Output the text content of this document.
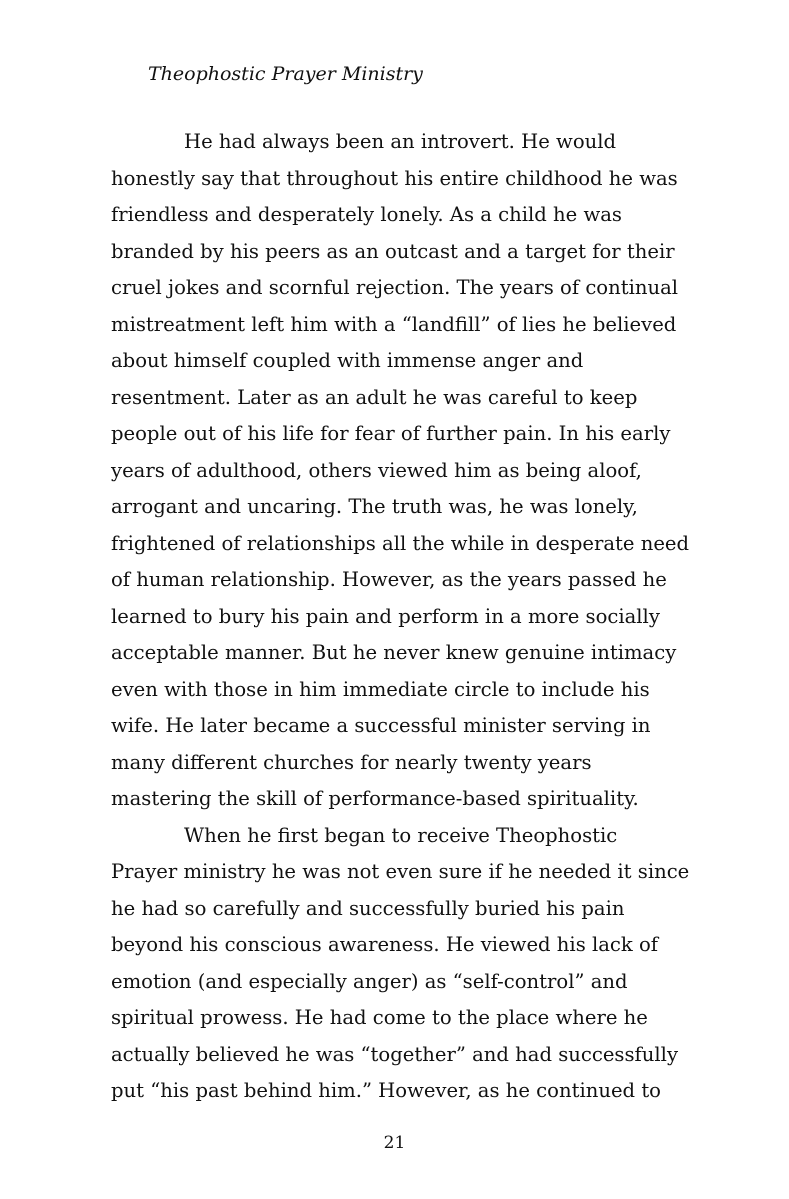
Theophostic Prayer Ministry

He had always been an introvert. He would
honestly say that throughout his entire childhood he was
friendless and desperately lonely. As a child he was
branded by his peers as an outcast and a target for their
cruel jokes and scornful rejection. The years of continual
mistreatment left him with a “landfill” of lies he believed
about himself coupled with immense anger and
resentment. Later as an adult he was careful to keep
people out of his life for fear of further pain. In his early
years of adulthood, others viewed him as being aloof,
arrogant and uncaring. The truth was, he was lonely,
frightened of relationships all the while in desperate need
of human relationship. However, as the years passed he
learned to bury his pain and perform in a more socially
acceptable manner. But he never knew genuine intimacy
even with those in him immediate circle to include his
wife. He later became a successful minister serving in
many different churches for nearly twenty years
mastering the skill of performance-based spirituality.

When he first began to receive Theophostic
Prayer ministry he was not even sure if he needed it since
he had so carefully and successfully buried his pain
beyond his conscious awareness. He viewed his lack of
emotion (and especially anger) as “self-control” and
spiritual prowess. He had come to the place where he
actually believed he was “together” and had successfully
put “his past behind him.” However, as he continued to

21
